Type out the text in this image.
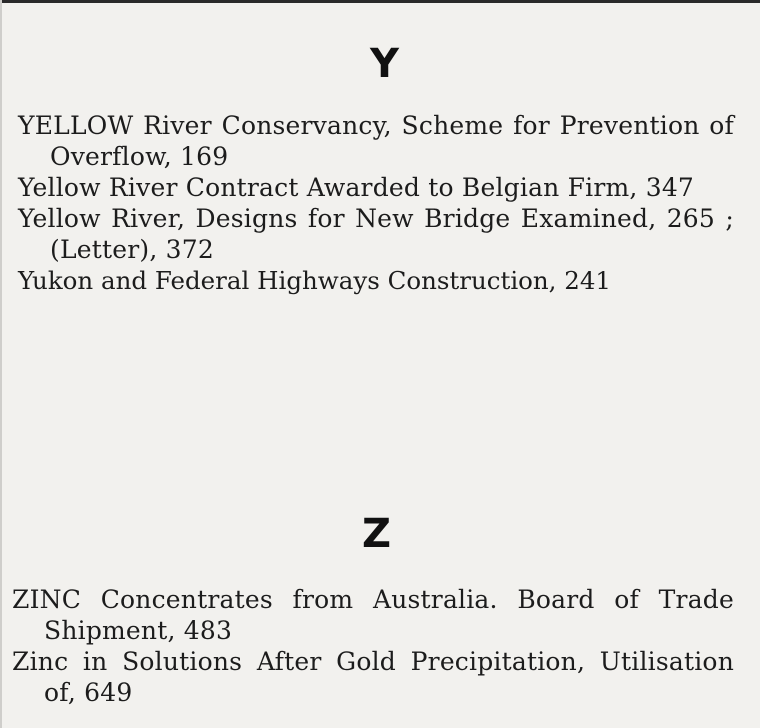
Y
YELLOW River Conservancy, Scheme for Prevention of Overflow, 169
Yellow River Contract Awarded to Belgian Firm, 347
Yellow River, Designs for New Bridge Examined, 265 ; (Letter), 372
Yukon and Federal Highways Construction, 241
Z
ZINC Concentrates from Australia. Board of Trade Shipment, 483
Zinc in Solutions After Gold Precipitation, Utilisation of, 649
